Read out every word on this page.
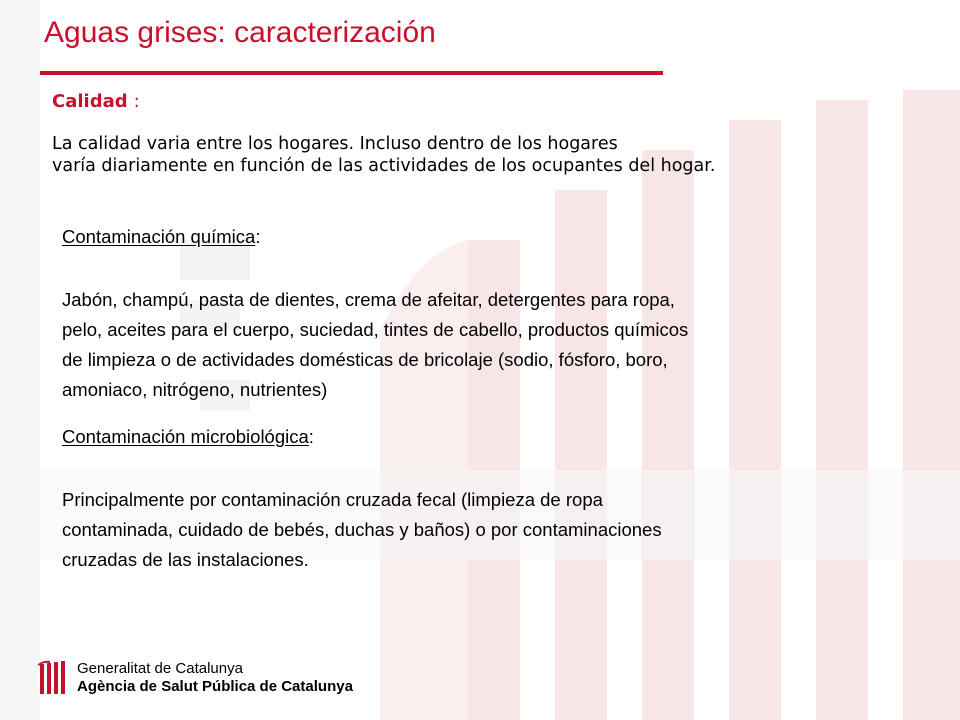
Aguas grises: caracterización
Calidad :
La calidad varia entre los hogares. Incluso dentro de los hogares
varía diariamente en función de las actividades de los ocupantes del hogar.
Contaminación química:
Jabón, champú, pasta de dientes, crema de afeitar, detergentes para ropa,
pelo, aceites para el cuerpo, suciedad, tintes de cabello, productos químicos
de limpieza o de actividades domésticas de bricolaje (sodio, fósforo, boro,
amoniaco, nitrógeno, nutrientes)
Contaminación microbiológica:
Principalmente por contaminación cruzada fecal (limpieza de ropa
contaminada, cuidado de bebés, duchas y baños) o por contaminaciones
cruzadas de las instalaciones.
Generalitat de Catalunya
Agència de Salut Pública de Catalunya
